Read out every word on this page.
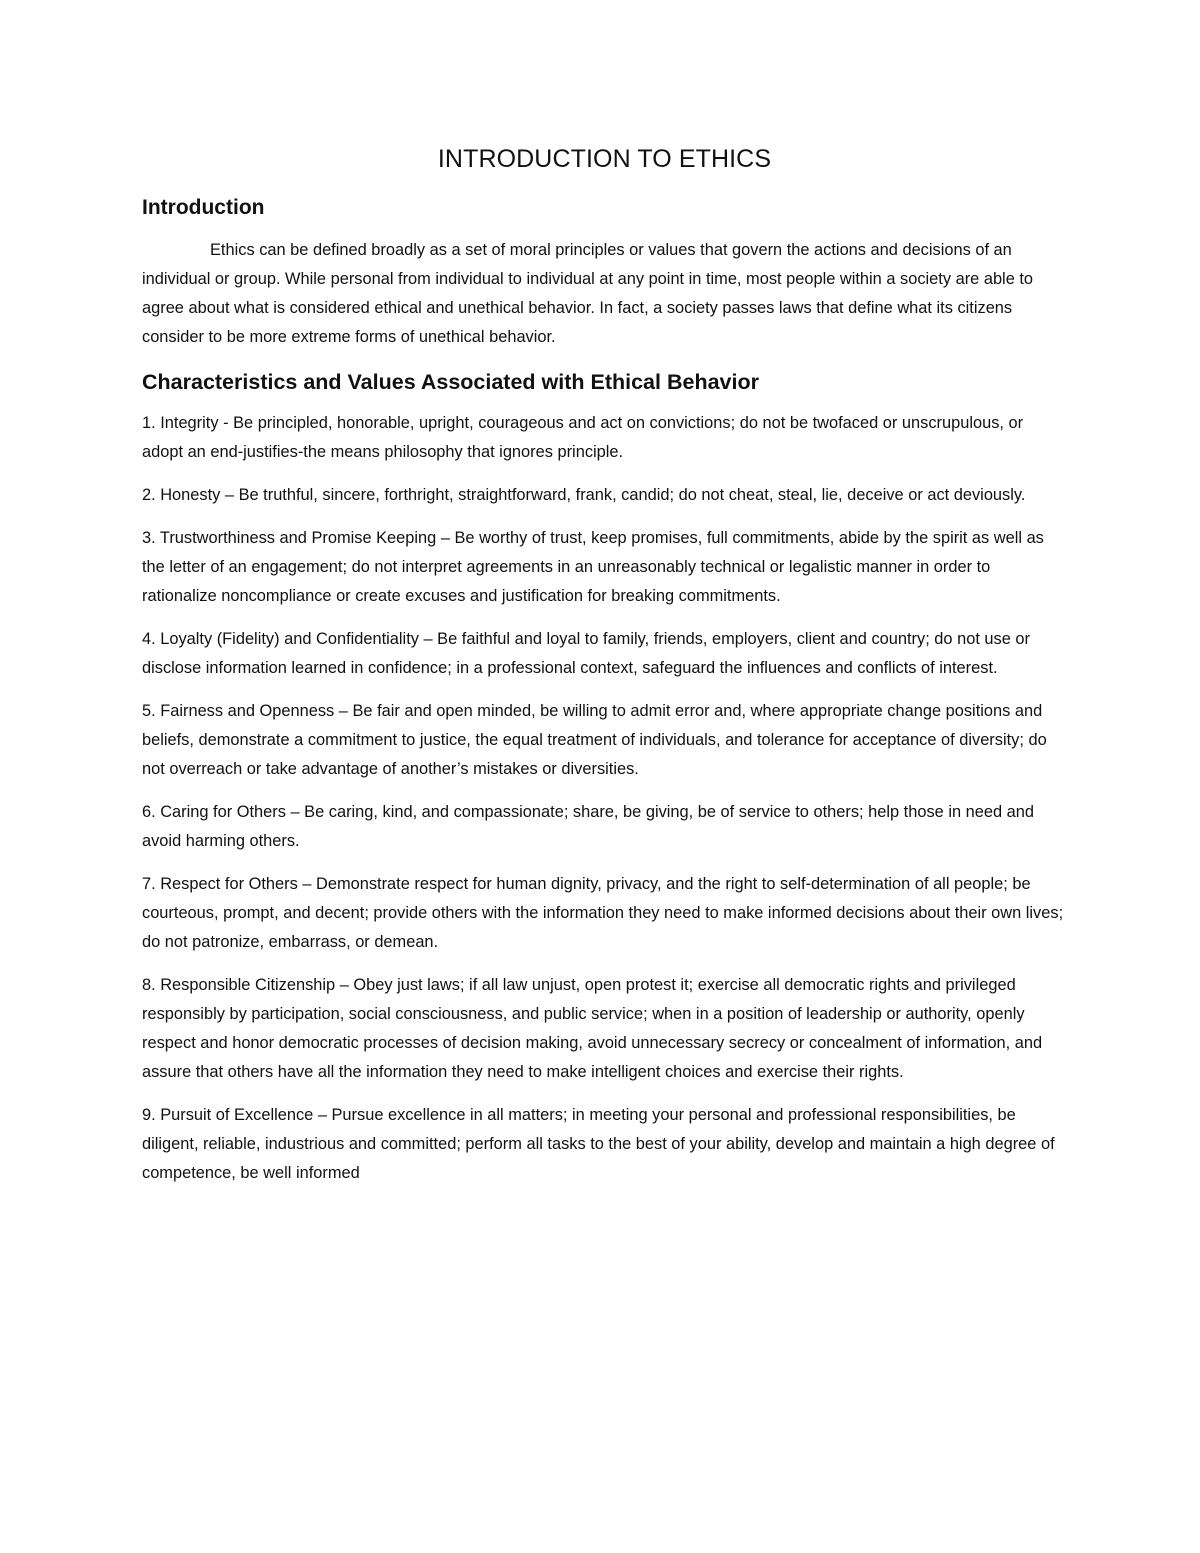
INTRODUCTION TO ETHICS
Introduction

Ethics can be defined broadly as a set of moral principles or values that govern the actions and decisions of an individual or group. While personal from individual to individual at any point in time, most people within a society are able to agree about what is considered ethical and unethical behavior. In fact, a society passes laws that define what its citizens consider to be more extreme forms of unethical behavior.

Characteristics and Values Associated with Ethical Behavior

1. Integrity - Be principled, honorable, upright, courageous and act on convictions; do not be twofaced or unscrupulous, or adopt an end-justifies-the means philosophy that ignores principle.

2. Honesty – Be truthful, sincere, forthright, straightforward, frank, candid; do not cheat, steal, lie, deceive or act deviously.

3. Trustworthiness and Promise Keeping – Be worthy of trust, keep promises, full commitments, abide by the spirit as well as the letter of an engagement; do not interpret agreements in an unreasonably technical or legalistic manner in order to rationalize noncompliance or create excuses and justification for breaking commitments.

4. Loyalty (Fidelity) and Confidentiality – Be faithful and loyal to family, friends, employers, client and country; do not use or disclose information learned in confidence; in a professional context, safeguard the influences and conflicts of interest.

5. Fairness and Openness – Be fair and open minded, be willing to admit error and, where appropriate change positions and beliefs, demonstrate a commitment to justice, the equal treatment of individuals, and tolerance for acceptance of diversity; do not overreach or take advantage of another’s mistakes or diversities.

6. Caring for Others – Be caring, kind, and compassionate; share, be giving, be of service to others; help those in need and avoid harming others.

7. Respect for Others – Demonstrate respect for human dignity, privacy, and the right to self-determination of all people; be courteous, prompt, and decent; provide others with the information they need to make informed decisions about their own lives; do not patronize, embarrass, or demean.

8. Responsible Citizenship – Obey just laws; if all law unjust, open protest it; exercise all democratic rights and privileged responsibly by participation, social consciousness, and public service; when in a position of leadership or authority, openly respect and honor democratic processes of decision making, avoid unnecessary secrecy or concealment of information, and assure that others have all the information they need to make intelligent choices and exercise their rights.

9. Pursuit of Excellence – Pursue excellence in all matters; in meeting your personal and professional responsibilities, be diligent, reliable, industrious and committed; perform all tasks to the best of your ability, develop and maintain a high degree of competence, be well informed
